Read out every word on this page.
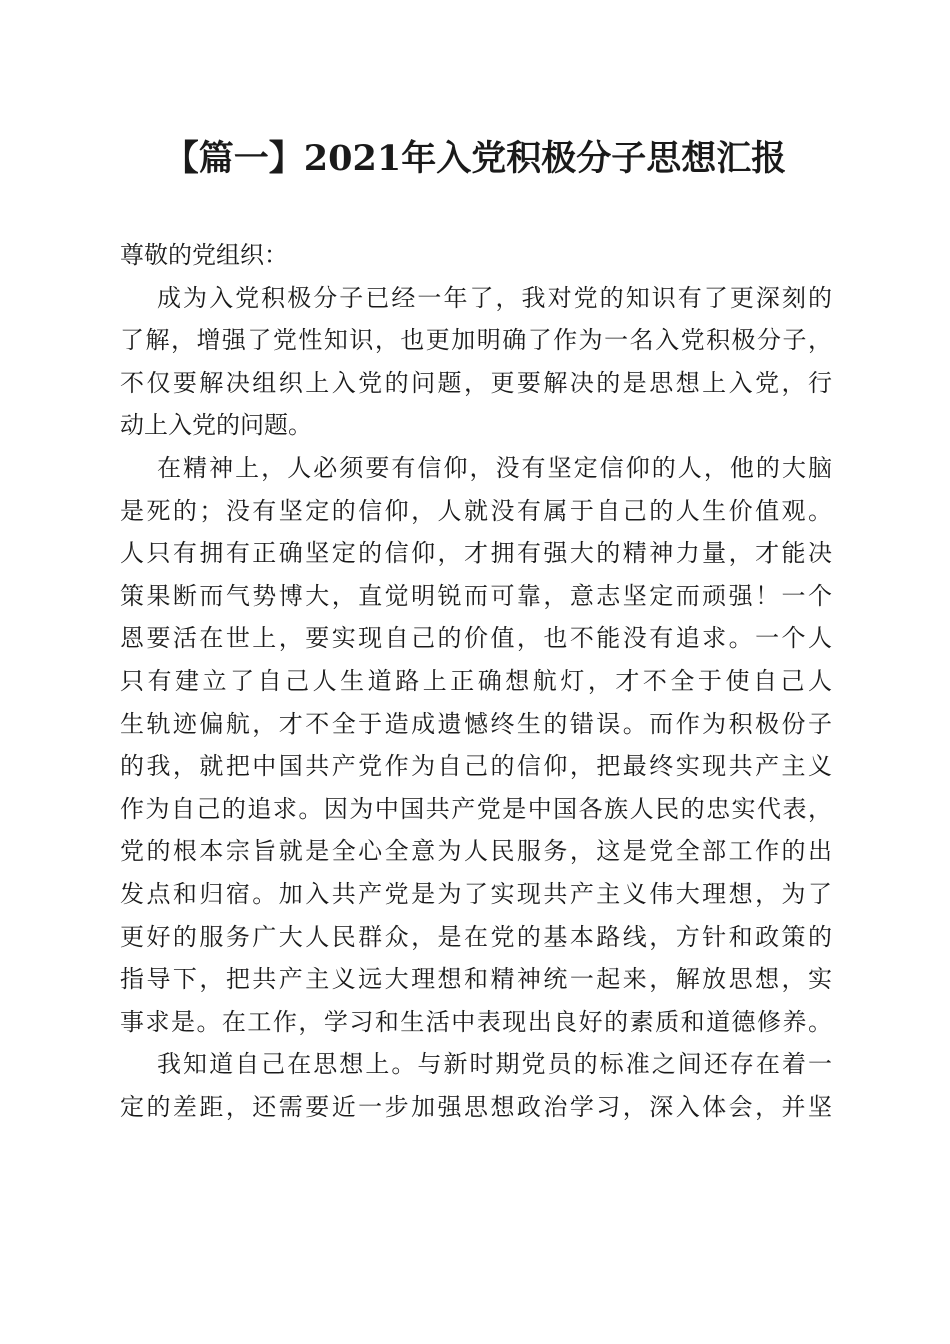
【篇一】2021年入党积极分子思想汇报

尊敬的党组织：

成为入党积极分子已经一年了，我对党的知识有了更深刻的

了解，增强了党性知识，也更加明确了作为一名入党积极分子，

不仅要解决组织上入党的问题，更要解决的是思想上入党，行

动上入党的问题。

在精神上，人必须要有信仰，没有坚定信仰的人，他的大脑

是死的；没有坚定的信仰，人就没有属于自己的人生价值观。

人只有拥有正确坚定的信仰，才拥有强大的精神力量，才能决

策果断而气势博大，直觉明锐而可靠，意志坚定而顽强！一个

恩要活在世上，要实现自己的价值，也不能没有追求。一个人

只有建立了自己人生道路上正确想航灯，才不全于使自己人

生轨迹偏航，才不全于造成遗憾终生的错误。而作为积极份子

的我，就把中国共产党作为自己的信仰，把最终实现共产主义

作为自己的追求。因为中国共产党是中国各族人民的忠实代表，

党的根本宗旨就是全心全意为人民服务，这是党全部工作的出

发点和归宿。加入共产党是为了实现共产主义伟大理想，为了

更好的服务广大人民群众，是在党的基本路线，方针和政策的

指导下，把共产主义远大理想和精神统一起来，解放思想，实

事求是。在工作，学习和生活中表现出良好的素质和道德修养。

我知道自己在思想上。与新时期党员的标准之间还存在着一

定的差距，还需要近一步加强思想政治学习，深入体会，并坚
